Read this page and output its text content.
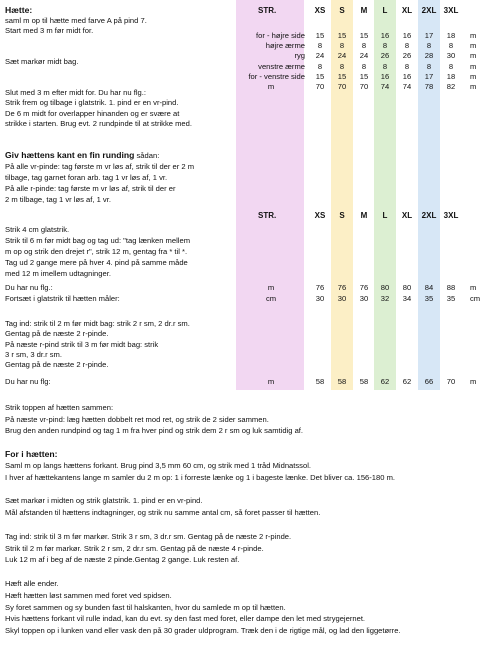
Hætte:	STR.	XS	S	M	L	XL	2XL 3XL
saml m op til hætte med farve A på pind 7.
Start med 3 m før midt for.
Sæt markør midt bag.
Slut med 3 m efter midt for. Du har nu flg.:
Strik frem og tilbage i glatstrik. 1. pind er en vr-pind.
De 6 m midt for overlapper hinanden og er svære at
strikke i starten. Brug evt. 2 rundpinde til at strikke med.
for - højre side	15	15	15	16	16	17	18	m
højre ærme	8	8	8	8	8	8	8	m
ryg	24	24	24	26	26	28	30	m
venstre ærme	8	8	8	8	8	8	8	m
for - venstre side	15	15	15	16	16	17	18	m
m	70	70	70	74	74	78	82	m
Giv hættens kant en fin runding sådan:
På alle vr-pinde: tag første m vr løs af, strik til der er 2 m
tilbage, tag garnet foran arb. tag 1 vr løs af, 1 vr.
På alle r-pinde: tag første m vr løs af, strik til der er
2 m tilbage, tag 1 vr løs af, 1 vr.
STR.	XS	S	M	L	XL	2XL 3XL
Strik 4 cm glatstrik.
Strik til 6 m før midt bag og tag ud: "tag lænken mellem
m op og strik den drejet r", strik 12 m, gentag fra * til *.
Tag ud 2 gange mere på hver 4. pind på samme måde
med 12 m imellem udtagninger.
Du har nu flg.:	m	76	76	76	80	80	84	88	m
Fortsæt i glatstrik til hætten måler:	cm	30	30	30	32	34	35	35	cm
Du har nu flg:	m	58	58	58	62	62	66	70	m
Tag ind: strik til 2 m før midt bag: strik 2 r sm, 2 dr.r sm.
Gentag på de næste 2 r-pinde.
På næste r-pind strik til 3 m før midt bag: strik
3 r sm, 3 dr.r sm.
Gentag på de næste 2 r-pinde.
Strik toppen af hætten sammen:
På næste vr-pind: læg hætten dobbelt ret mod ret, og strik de 2 sider sammen.
Brug den anden rundpind og tag 1 m fra hver pind og strik dem 2 r sm og luk samtidig af.
For i hætten:
Saml m op langs hættens forkant. Brug pind 3,5 mm 60 cm, og strik med 1 tråd Midnatssol.
I hver af hættekantens lange m samler du 2 m op: 1 i forreste lænke og 1 i bageste lænke. Det bliver ca. 156-180 m.
Sæt markør i midten og strik glatstrik. 1. pind er en vr-pind.
Mål afstanden til hættens indtagninger, og strik nu samme antal cm, så foret passer til hætten.
Tag ind: strik til 3 m før markør. Strik 3 r sm, 3 dr.r sm. Gentag på de næste 2 r-pinde.
Strik til 2 m før markør. Strik 2 r sm, 2 dr.r sm. Gentag på de næste 4 r-pinde.
Luk 12 m af i beg af de næste 2 pinde.Gentag 2 gange. Luk resten af.
Hæft alle ender.
Hæft hætten løst sammen med foret ved spidsen.
Sy foret sammen og sy bunden fast til halskanten, hvor du samlede m op til hætten.
Hvis hættens forkant vil rulle indad, kan du evt. sy den fast med foret, eller dampe den let med strygejernet.
Skyl toppen op i lunken vand eller vask den på 30 grader uldprogram. Træk den i de rigtige mål, og lad den liggetørre.
